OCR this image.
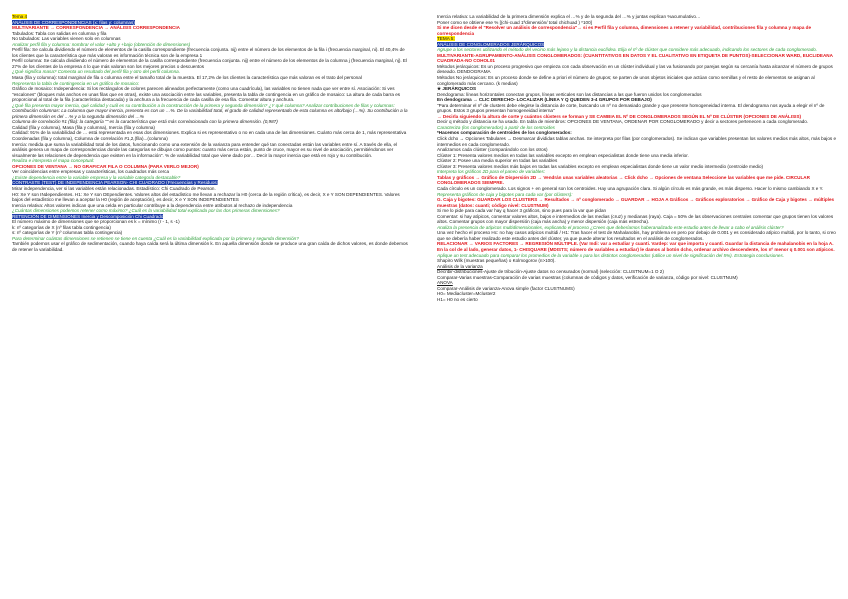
Tema 4

ANÁLISIS DE CORRESPONDENCIAS (x: filas y: columnas)

MULTIVARIANTE → CORRESPONDENCIA → ANÁLISIS CORRESPONDENCIA

Tabulados: Tabla con salidas en columna y fila

No tabulados: Las variables vienen solo en columnas

Analizar perfil fila y columna: nombrar el valor +alto y +bajo (obtención de dimensiones)

Perfil fila: Se calcula dividiendo el número de elementos de la casilla correspondiente (frecuencia conjunta. nij) entre el número de los elementos de la fila i (frecuencia marginal, ni). El 40,4% de los clientes que la característica que más valoran es información técnica son de la empresa 1

Perfil columna: Se calcula dividiendo el número de elementos de la casilla correspondiente (frecuencia conjunta. nij) entre el número de los elementos de la columna j (frecuencia marginal, nj). El 27% de los clientes de la empresa 4 lo que más valoran son los mejores precios o descuentos

¿Qué significa masa? Comenta un resultado del perfil fila y otro del perfil columna.

Masa (fila y columna): total marginal de fila o columna entre el tamaño total de la muestra. El 17,2% de los clientes la característica que más valoran es el trato del personal

Representa la tabla de contingencia en un gráfico de mosaico:

Gráfico de mosaico: Independencia: Si los rectángulos de colores parecen alineados perfectamente (como una cuadrícula), las variables no tienen nada que ver entre sí. Asociación: Si ves "escalones" (bloques más anchos en unas filas que en otras), existe una asociación entre las variables, presenta la tabla de contingencia en un gráfico de mosaico: La altura de cada barra es proporcional al total de la fila (característica destacada) y la anchura a la frecuencia de cada casilla de esa fila. Comentar altura y anchura.

¿Qué fila presenta mayor inercia, qué calidad y cuál es su contribución a la construcción de la primera y segunda dimensión? ¿Y qué columna? Analizar contribuciones de filas y columnas:

Contribución columnas: La columna que mayor inercia, presenta es con un …%. De la variabilidad total, el grado de calidad representado de esta columna es alto/bajo (…%). Su contribución a la primera dimensión es del …% y a la segunda dimensión del …%

Columna de correlación #1 (fila): la categoría "" es la característica que está más correlacionada con la primera dimensión. (0,987)

Calidad (fila y columna), Masa (fila y columna), Inercia (fila y columna)

Calidad: 91% de la variabilidad de … está representada en esas dos dimensiones. Explica si es representativo o no en cada una de las dimensiones. Cuánto más cerca de 1, más representativa

Coordenadas (fila y columna), Columna de correlación #1,2,(fila)...(columna)

Inercia: medida que suma la variabilidad total de los datos, funcionando como una extensión de la varianza para entender qué tan conectadas están las variables entre sí. A través de ella, el análisis genera un mapa de correspondencias donde las categorías se dibujan como puntos: cuanto más cerca están, punto de cruce, mayor es su nivel de asociación, permitiéndonos ver visualmente las relaciones de dependencia que existen en la información". % de variabilidad total que viene dado por… Decir la mayor inercia que está en rojo y su contribución.

Realiza e interpreta el mapa conceptual:

OPCIONES DE VENTANA → NO GRAFICAR FILA O COLUMNA (PARA VERLO MEJOR)

Ver coincidencias entre empresas y características, los cuadrados más cerca

¿Existe dependencia entre la variable empresa y la variable categoría destacable?

CONTRASTE (TEST) DE INDEPENDENCIA PEARSON- CHI CUADRADO (Frecuencias y Residuos)

Mirar independencia, ver si las variables están relacionadas. Estadístico: Chi Cuadrado de Pearson.

H0: Xe Y son INdependientes. H1: Xe Y son DEpendientes. Valores altos del estadístico me llevan a rechazar la H0 (cerca de la región crítica), es decir, X e Y SON DEPENDIENTES. Valores bajos del estadístico me llevan a aceptar la H0 (región de aceptación), es decir, X e Y SON INDEPENDIENTES

Inercia relativa: Altos valores indican que una celda en particular contribuye a la dependencia entre atributos al rechazo de independencia

¿Cuántas dimensiones podemos retener como máximo? ¿Cuál es la variabilidad total explicada por las dos primeras dimensiones?

RETENCIÓN DE DIMENSIONES Inercia y Descomposición Chi Cuadrado

El número máximo de dimensiones que se proporcionan es k = mínimo (r - 1, s -1)

k: nº categorías de X (nº filas tabla contingencia)

s: nº categorías de Y (nº columnas tabla contingencia)

Para determinar cuántas dimensiones se retienen se tiene en cuenta ¿Cuál es la variabilidad explicada por la primera y segunda dimensión?

También podemos usar el gráfico de sedimentación, cuando haya caída será la última dimensión k. En aquella dimensión donde se produce una gran caída de dichos valores, es donde debemos de retener la variabilidad.

Inercia relativa: La variabilidad de la primera dimensión explica el …% y de la segunda del …% y juntas explican %acumulativo…

Poner como se obtiene ese % [(chi-cuad 1ªdimensión/ total chichuad ) *100]

Si me dicen desde el "Resolver un análisis de correspondencia"→ si es Perfil fila y columna, dimensiones a retener y variabilidad, contribuciones fila y columna y mapa de correspondencia

TEMA 5:

ANÁLISIS DE CONGLOMERADOS JERÁRQUICOS

Agrupe a los sectores utilizando el método del vecino más lejano y la distancia euclídea. Elija el nº de clúster que considere más adecuado, indicando los sectores de cada conglomerado.

MULTIVARIANTE-AGRUPAMIENTO-ANÁLISIS CONGLOMERADOS: (CUANTITATIVOS EN DATOS Y EL CUALITATIVO EN ETIQUETA DE PUNTOS)-SELECCIONAR WARD, EUCLIDEANA CUADRADA-NO COHOL01

Métodos jerárquicos: Es un proceso progresivo que empieza con cada observación en un clúster individual y las va fusionando por parejas según su cercanía hasta alcanzar el número de grupos deseado. DENDOGRAMA

Métodos No jerárquicos: Es un proceso donde se define a priori el número de grupos; se parten de unos objetos iniciales que actúan como semillas y el resto de elementos se asignan al conglomerado más cercano. (k medias)

★ JERÁRQUICOS

Dendograma: líneas horizontales conectan grupos, líneas verticales son las distancias a las que fueron unidos los conglomerados

En dendograma → CLIC DERECHO- LOCALIZAR (LÍNEA Y Q QUEDEN 3-4 GRUPOS POR DEBAJO)

"Para determinar el nº de clusters debe elegirse la distancia de corte, buscando un nº no demasiado grande y que presente homogeneidad interna. El dendograma nos ayuda a elegir el nº de grupos. Estos 3 grupos presentan homogeneidad interna"

→ Decirla siguiendo la altura de corte y cuántos clústers se forman y SE CAMBIA EL Nº DE CONGLOMERADOS SEGÚN EL Nº DE CLÚSTER (OPCIONES DE ANÁLISIS)

Decir q método y distancia se ha usado. En tabla de miembros: OPCIONES DE VENTANA, ORDENAR POR CONGLOMERADO y decir a sectores pertenecen a cada conglomerado.

Caracteriza (los conglomerados) a partir de los centroides

*Hacemos comparación de centroides de los conglomerados:

Click dcho → Opciones Tabulares → Desmarcar divididas tablas anchas. Se interpreta por filas (por conglomerados). Se indican que variables presentan los valores medios más altos, más bajos e intermedios en cada conglomerado.

Analizamos cada clúster (comparándolo con los otros)

Clúster 1: Presenta valores medios en todas las variables excepto en emplean especialistas donde tiene una media inferior.

Clúster 2: Posee una media superior en todas las variables

Clúster 3: Presenta valores medios más bajos en todas las variables excepto en emplean especialistas donde tiene un valor medio intermedio (centroide medio)

Interpreta los gráficos 2D para el paneo de variables:

Tablas y gráficos → Gráfico de Dispersión 2D → Vendrán unas variables aleatorias → Click dcho → Opciones de ventana Seleccione las variables que me pide. CIRCULAR CONGLOMERADOS SIEMPRE.

Cada círculo es un conglomerado. Los signos + en general son los centroides. Hay una agrupación clara. Si algún círculo es más grande, es más disperso. Hacer lo mismo cambiando X e Y.

Representa gráficos de caja y bigotes para cada var (por clústers):

G. Caja y bigotes: GUARDAR LOS CLUSTERS → Resultados → nº conglomerado → GUARDAR → HOJA A Gráficos → Gráficos exploratorios → Gráfico de Caja y bigotes → múltiples muestras (datos: cuanti; código nivel: CLUSTNUM)

Si me lo pide para cada var hay q hacer 3 gráficos, sino pues para la var que pidan

Comentar: si hay atípicos, comentar valores altos, bajos e intermedios de las medias (cruz) y medianas (raya). Caja = 50% de las observaciones centrales comentar que grupos tienen los valores altos. Comentar grupos con mayor dispersión (caja más ancha) y menor dispersión (caja más estrecha).

Analiza la presencia de atípicos multidimensionales, explicando el proceso ¿Crees que deberíamos haberanalizado este estudio antes de llevar a cabo el análisis clúster?

Una vez hecho el proceso Hc: no hay casos atípicos multidi / H1: Tras hacer el test de Mahalanobis, hay problema en pero por debajo de 0.001 y es considerado atípico multidi, por lo tanto, si creo que se debería haber realizado este estudio antes del clúster, ya que puede alterar los resultados en el análisis de conglomerados.

RELACIONAR → VARIOS FACTORES → REGRESIÓN MÚLTIPLE. (Var Indi: var a estudiar y cuanti. Vardep: var que importa y cuanti. Guardar la distancia de mahalanobis en la hoja A. En la col de al lado, generar datos, 1- CHISQUARE (MDISTS; número de variables a estudiar) le damos al botón dcho, ordenar archivo descendente, los nº menor q 0.001 son atípicos.

Aplique un test adecuado para comparar los promedios de la variable x para los distintos conglomerados (utilice un nivel de significación del 5%). Estrategia conclusiones.

Shapiro Wilk (muestras pequeñas) o Kolmogorov (n>100).

Análisis de la varianza

Decribir-distribuciones-Ajuste de tribución-Ajuste datos no censurados (normal) (selección: CLUSTNUM=1 O 2)

Comparar-Varias muestras-Comparación de varias muestras (columnas de códigos y datos, verificación de varianza, código por nivel: CLUSTNUM)

ANOVA

Comparar-Análisis de varianza-Anova simple (factor CLUSTNUMS)

H0= Mediacluster=Mcluster2

H1= H0 no es cierto
